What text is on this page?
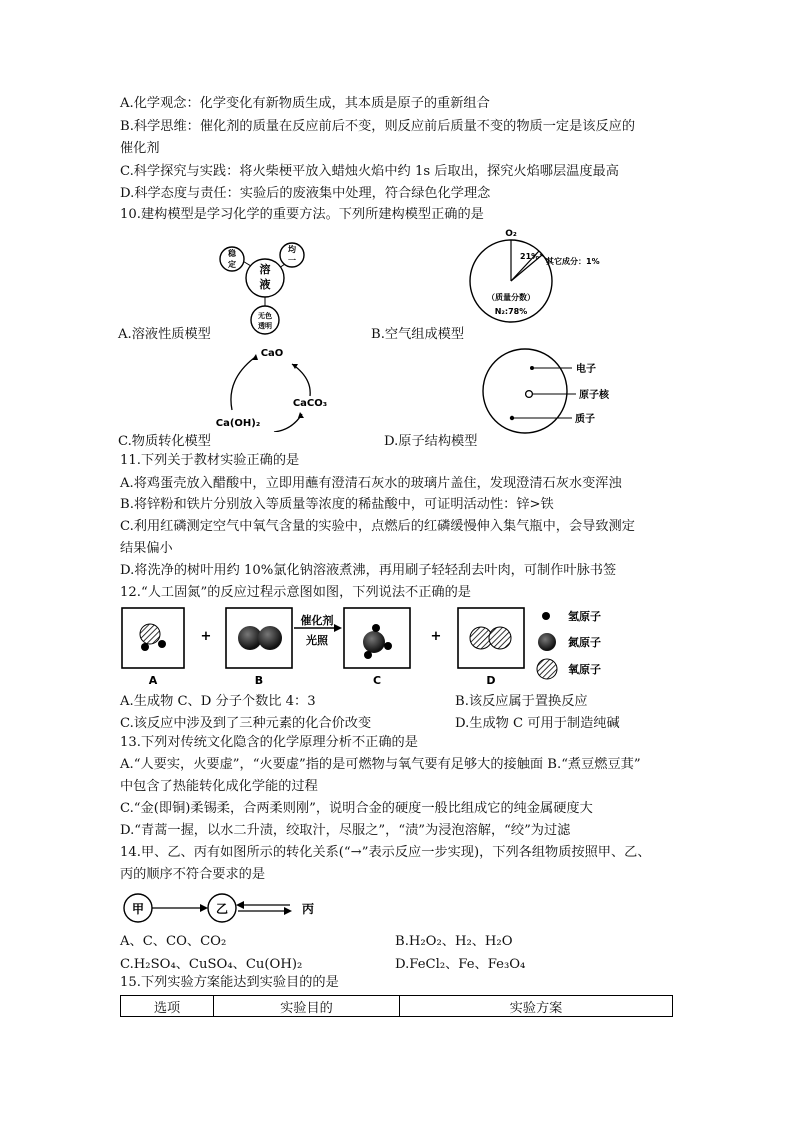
A.化学观念：化学变化有新物质生成，其本质是原子的重新组合
B.科学思维：催化剂的质量在反应前后不变，则反应前后质量不变的物质一定是该反应的
催化剂
C.科学探究与实践：将火柴梗平放入蜡烛火焰中约 1s 后取出，探究火焰哪层温度最高
D.科学态度与责任：实验后的废液集中处理，符合绿色化学理念
10.建构模型是学习化学的重要方法。下列所建构模型正确的是
溶
液
稳
定
均
一
无色
透明
A.溶液性质模型
O₂
21%
其它成分：1%
（质量分数）
N₂:78%
B.空气组成模型
CaO
CaCO₃
Ca(OH)₂
C.物质转化模型
电子
原子核
质子
D.原子结构模型
11.下列关于教材实验正确的是
A.将鸡蛋壳放入醋酸中，立即用蘸有澄清石灰水的玻璃片盖住，发现澄清石灰水变浑浊
B.将锌粉和铁片分别放入等质量等浓度的稀盐酸中，可证明活动性：锌>铁
C.利用红磷测定空气中氧气含量的实验中，点燃后的红磷缓慢伸入集气瓶中，会导致测定
结果偏小
D.将洗净的树叶用约 10%氯化钠溶液煮沸，再用刷子轻轻刮去叶肉，可制作叶脉书签
12.“人工固氮”的反应过程示意图如图，下列说法不正确的是
A
+
B
催化剂
光照
C
+
D
氢原子
氮原子
氧原子
A.生成物 C、D 分子个数比 4：3	B.该反应属于置换反应
C.该反应中涉及到了三种元素的化合价改变	D.生成物 C 可用于制造纯碱
13.下列对传统文化隐含的化学原理分析不正确的是
A.“人要实，火要虚”，“火要虚”指的是可燃物与氧气要有足够大的接触面 B.“煮豆燃豆萁”
中包含了热能转化成化学能的过程
C.“金(即铜)柔锡柔，合两柔则刚”，说明合金的硬度一般比组成它的纯金属硬度大
D.“青蒿一握，以水二升渍，绞取汁，尽服之”，“渍”为浸泡溶解，“绞”为过滤
14.甲、乙、丙有如图所示的转化关系(“→”表示反应一步实现)，下列各组物质按照甲、乙、
丙的顺序不符合要求的是
甲	乙	丙
A、C、CO、CO₂	B.H₂O₂、H₂、H₂O
C.H₂SO₄、CuSO₄、Cu(OH)₂	D.FeCl₂、Fe、Fe₃O₄
15.下列实验方案能达到实验目的的是
选项	实验目的	实验方案
